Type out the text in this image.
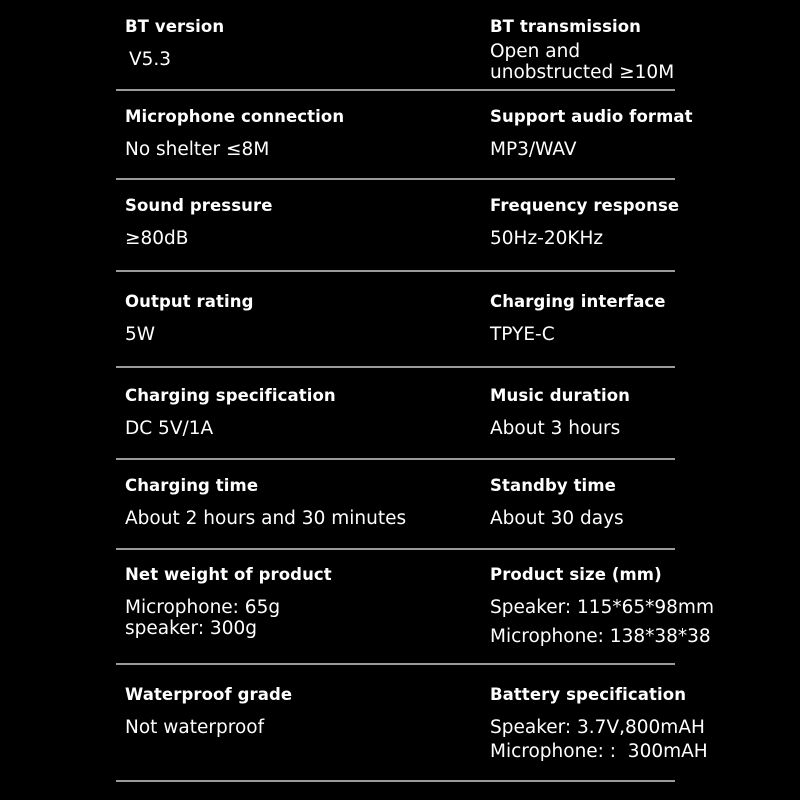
BT version
V5.3
BT transmission
Open and
unobstructed ≥10M
Microphone connection
No shelter ≤8M
Support audio format
MP3/WAV
Sound pressure
≥80dB
Frequency response
50Hz-20KHz
Output rating
5W
Charging interface
TPYE-C
Charging specification
DC 5V/1A
Music duration
About 3 hours
Charging time
About 2 hours and 30 minutes
Standby time
About 30 days
Net weight of product
Microphone: 65g
speaker: 300g
Product size (mm)
Speaker: 115*65*98mm
Microphone: 138*38*38
Waterproof grade
Not waterproof
Battery specification
Speaker: 3.7V,800mAH
Microphone: :  300mAH
